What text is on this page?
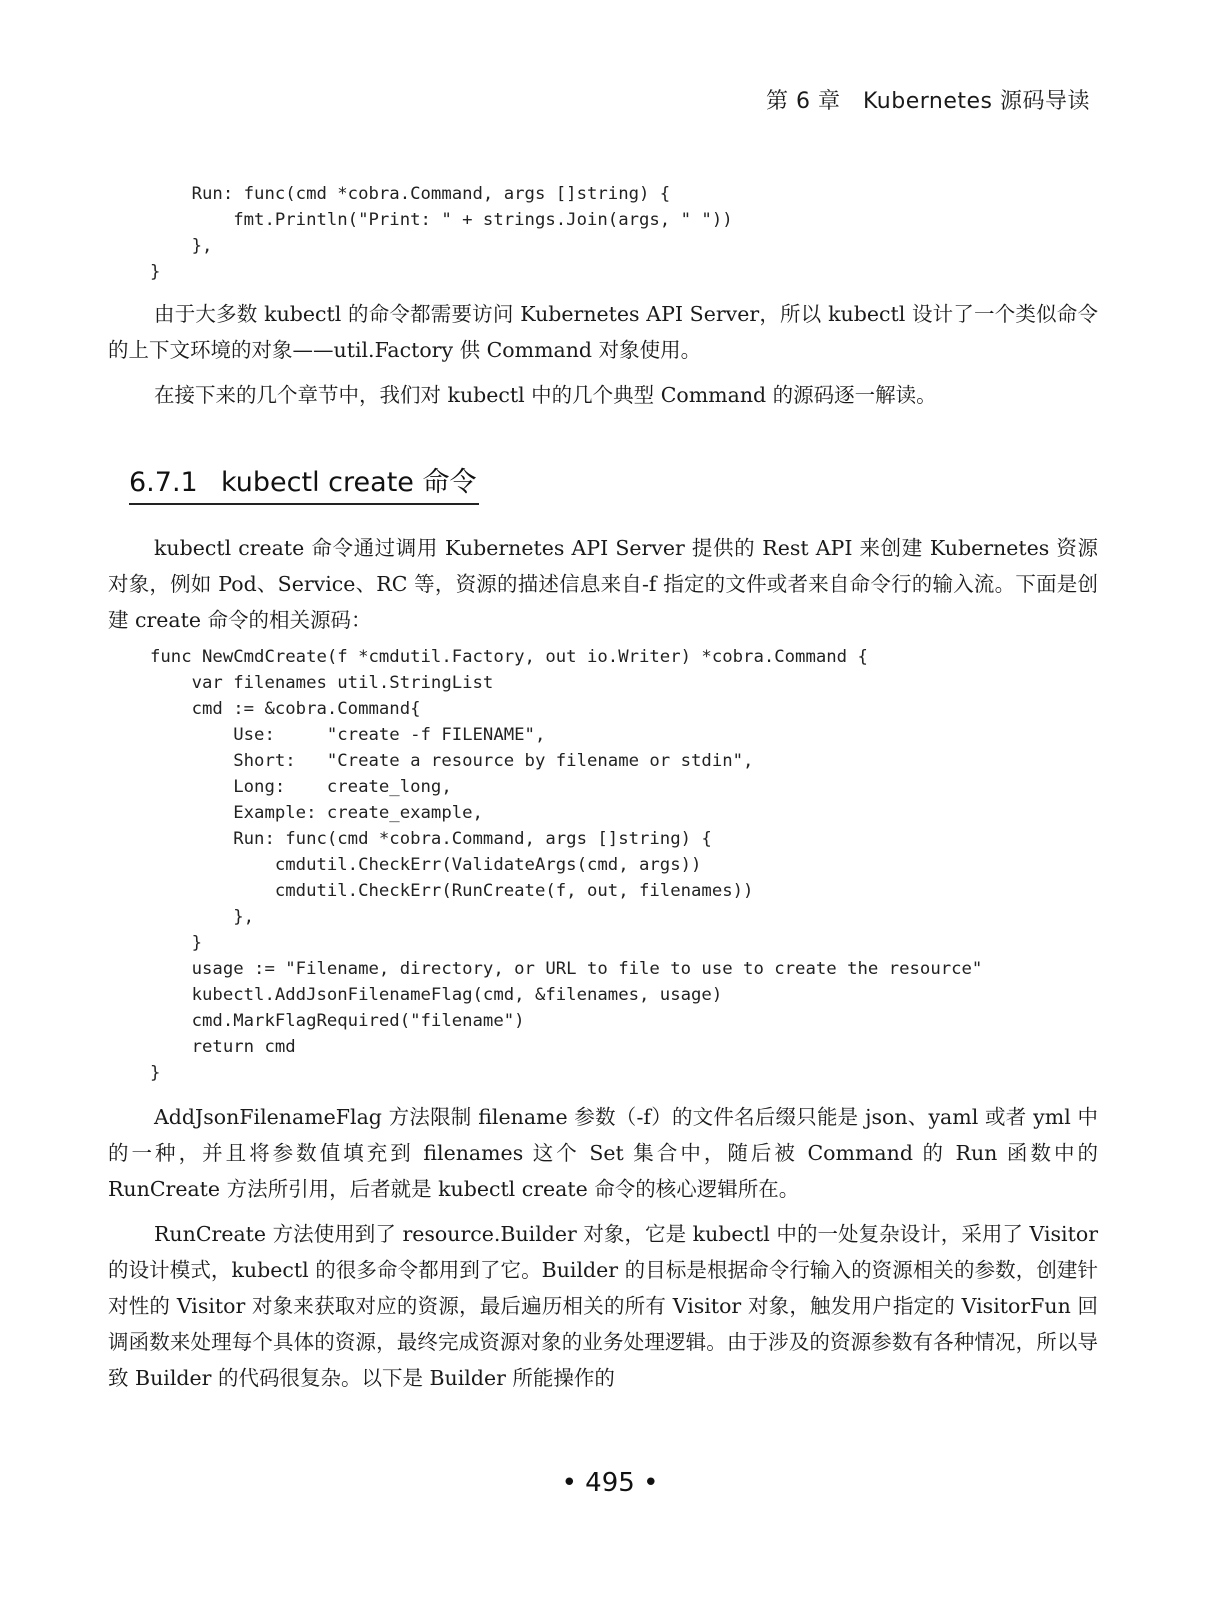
第 6 章　Kubernetes 源码导读
Run: func(cmd *cobra.Command, args []string) {
fmt.Println("Print: " + strings.Join(args, " "))
},
}

由于大多数 kubectl 的命令都需要访问 Kubernetes API Server，所以 kubectl 设计了一个类似命令的上下文环境的对象——util.Factory 供 Command 对象使用。

在接下来的几个章节中，我们对 kubectl 中的几个典型 Command 的源码逐一解读。

6.7.1 kubectl create 命令

kubectl create 命令通过调用 Kubernetes API Server 提供的 Rest API 来创建 Kubernetes 资源对象，例如 Pod、Service、RC 等，资源的描述信息来自-f 指定的文件或者来自命令行的输入流。下面是创建 create 命令的相关源码：

func NewCmdCreate(f *cmdutil.Factory, out io.Writer) *cobra.Command {
var filenames util.StringList
cmd := &cobra.Command{
Use:     "create -f FILENAME",
Short:   "Create a resource by filename or stdin",
Long:    create_long,
Example: create_example,
Run: func(cmd *cobra.Command, args []string) {
cmdutil.CheckErr(ValidateArgs(cmd, args))
cmdutil.CheckErr(RunCreate(f, out, filenames))
},
}
usage := "Filename, directory, or URL to file to use to create the resource"
kubectl.AddJsonFilenameFlag(cmd, &filenames, usage)
cmd.MarkFlagRequired("filename")
return cmd
}

AddJsonFilenameFlag 方法限制 filename 参数（-f）的文件名后缀只能是 json、yaml 或者 yml 中的一种，并且将参数值填充到 filenames 这个 Set 集合中，随后被 Command 的 Run 函数中的 RunCreate 方法所引用，后者就是 kubectl create 命令的核心逻辑所在。

RunCreate 方法使用到了 resource.Builder 对象，它是 kubectl 中的一处复杂设计，采用了 Visitor 的设计模式，kubectl 的很多命令都用到了它。Builder 的目标是根据命令行输入的资源相关的参数，创建针对性的 Visitor 对象来获取对应的资源，最后遍历相关的所有 Visitor 对象，触发用户指定的 VisitorFun 回调函数来处理每个具体的资源，最终完成资源对象的业务处理逻辑。由于涉及的资源参数有各种情况，所以导致 Builder 的代码很复杂。以下是 Builder 所能操作的

• 495 •
